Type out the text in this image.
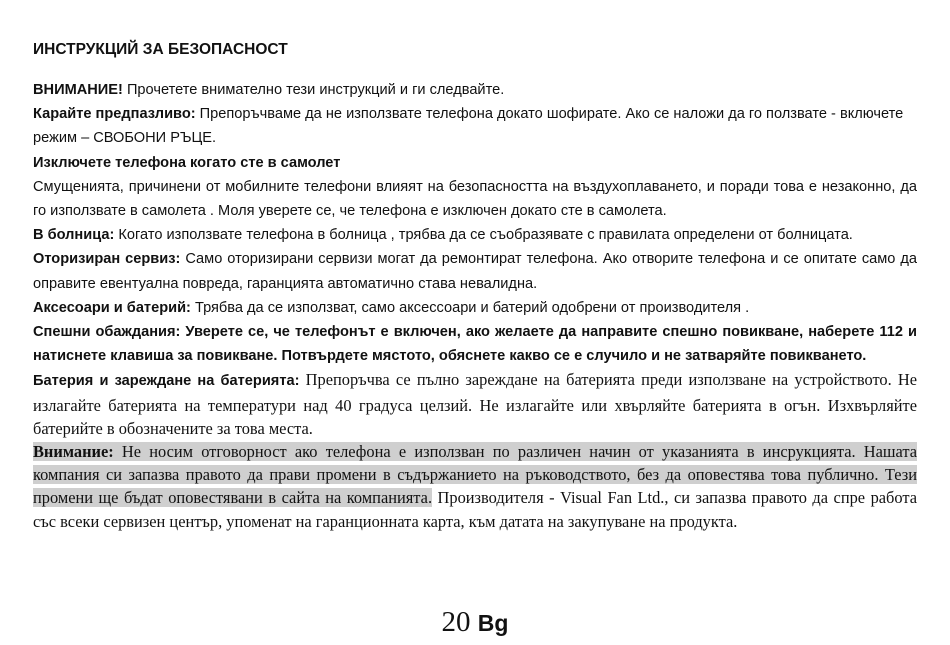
ИНСТРУКЦИЙ ЗА БЕЗОПАСНОСТ

ВНИМАНИЕ! Прочетете внимателно тези инструкций и ги следвайте.

Карайте предпазливо: Препоръчваме да не използвате телефона докато шофирате. Ако се наложи да го ползвате - включете режим – СВОБОНИ РЪЦЕ.

Изключете телефона когато сте в самолет

Смущенията, причинени от мобилните телефони влияят на безопасността на въздухоплаването, и поради това е незаконно, да го използвате в самолета . Моля уверете се, че телефона е изключен докато сте в самолета.

В болница: Когато използвате телефона в болница , трябва да се съобразявате с правилата определени от болницата.

Оторизиран сервиз: Само оторизирани сервизи могат да ремонтират телефона. Ако отворите телефона и се опитате само да оправите евентуална повреда, гаранцията автоматично става невалидна.

Аксесоари и батерий: Трябва да се използват, само аксессоари и батерий одобрени от производителя .

Спешни обаждания: Уверете се, че телефонът е включен, ако желаете да направите спешно повикване, наберете 112 и натиснете клавиша за повикване. Потвърдете мястото, обяснете какво се е случило и не затваряйте повикването.

Батерия и зареждане на батерията: Препоръчва се пълно зареждане на батерията преди използване на устройството. Не излагайте батерията на температури над 40 градуса целзий. Не излагайте или хвърляйте батерията в огън. Изхвърляйте батерийте в обозначените за това места.

Внимание: Не носим отговорност ако телефона е използван по различен начин от указанията в инсрукцията. Нашата компания си запазва правото да прави промени в съдържанието на ръководството, без да оповестява това публично. Тези промени ще бъдат оповестявани в сайта на компанията. Производителя - Visual Fan Ltd., си запазва правото да спре работа със всеки сервизен център, упоменат на гаранционната карта, към датата на закупуване на продукта.

20 Bg
